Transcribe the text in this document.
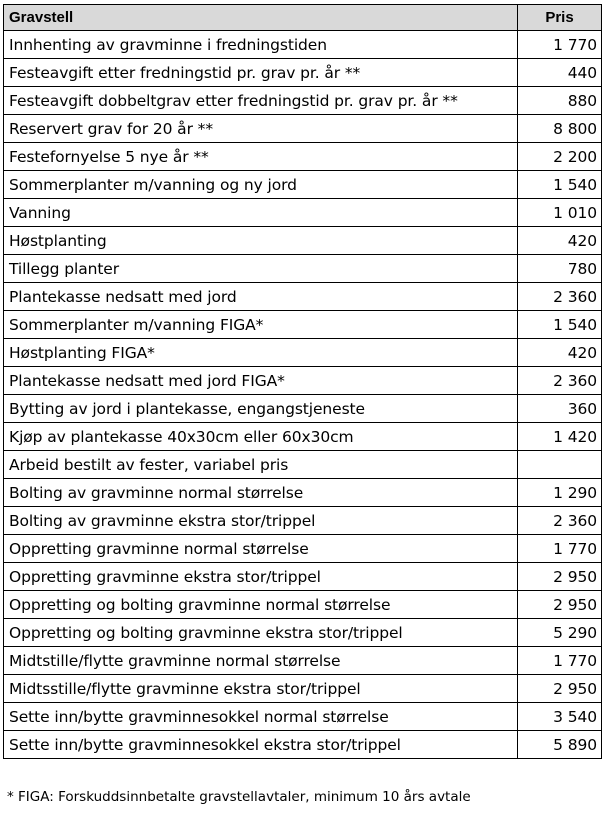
Gravstell	Pris
Innhenting av gravminne i fredningstiden	1 770
Festeavgift etter fredningstid pr. grav pr. år **	440
Festeavgift dobbeltgrav etter fredningstid pr. grav pr. år **	880
Reservert grav for 20 år **	8 800
Festefornyelse 5 nye år **	2 200
Sommerplanter m/vanning og ny jord	1 540
Vanning	1 010
Høstplanting	420
Tillegg planter	780
Plantekasse nedsatt med jord	2 360
Sommerplanter m/vanning FIGA*	1 540
Høstplanting FIGA*	420
Plantekasse nedsatt med jord FIGA*	2 360
Bytting av jord i plantekasse, engangstjeneste	360
Kjøp av plantekasse 40x30cm eller 60x30cm	1 420
Arbeid bestilt av fester, variabel pris	
Bolting av gravminne normal størrelse	1 290
Bolting av gravminne ekstra stor/trippel	2 360
Oppretting gravminne normal størrelse	1 770
Oppretting gravminne ekstra stor/trippel	2 950
Oppretting og bolting gravminne normal størrelse	2 950
Oppretting og bolting gravminne ekstra stor/trippel	5 290
Midtstille/flytte gravminne normal størrelse	1 770
Midtsstille/flytte gravminne ekstra stor/trippel	2 950
Sette inn/bytte gravminnesokkel normal størrelse	3 540
Sette inn/bytte gravminnesokkel ekstra stor/trippel	5 890
* FIGA: Forskuddsinnbetalte gravstellavtaler, minimum 10 års avtale
